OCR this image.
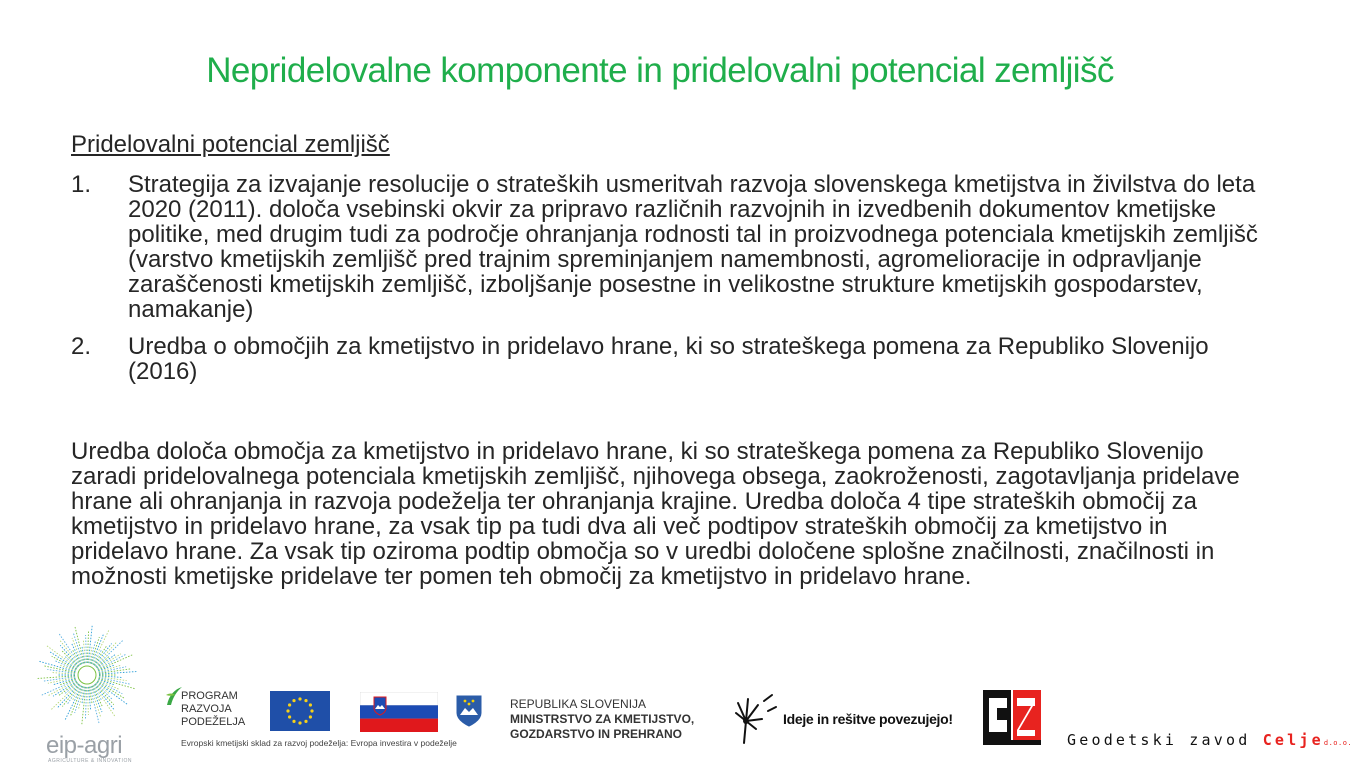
Nepridelovalne komponente in pridelovalni potencial zemljišč
Pridelovalni potencial zemljišč
1. Strategija za izvajanje resolucije o strateških usmeritvah razvoja slovenskega kmetijstva in živilstva do leta 2020 (2011). določa vsebinski okvir za pripravo različnih razvojnih in izvedbenih dokumentov kmetijske politike, med drugim tudi za področje ohranjanja rodnosti tal in proizvodnega potenciala kmetijskih zemljišč (varstvo kmetijskih zemljišč pred trajnim spreminjanjem namembnosti, agromelioracije in odpravljanje zaraščenosti kmetijskih zemljišč, izboljšanje posestne in velikostne strukture kmetijskih gospodarstev, namakanje)
2. Uredba o območjih za kmetijstvo in pridelavo hrane, ki so strateškega pomena za Republiko Slovenijo (2016)
Uredba določa območja za kmetijstvo in pridelavo hrane, ki so strateškega pomena za Republiko Slovenijo zaradi pridelovalnega potenciala kmetijskih zemljišč, njihovega obsega, zaokroženosti, zagotavljanja pridelave hrane ali ohranjanja in razvoja podeželja ter ohranjanja krajine. Uredba določa 4 tipe strateških območij za kmetijstvo in pridelavo hrane, za vsak tip pa tudi dva ali več podtipov strateških območij za kmetijstvo in pridelavo hrane. Za vsak tip oziroma podtip območja so v uredbi določene splošne značilnosti, značilnosti in možnosti kmetijske pridelave ter pomen teh območij za kmetijstvo in pridelavo hrane.
eip-agri
AGRICULTURE & INNOVATION
PROGRAM
RAZVOJA
PODEŽELJA
Evropski kmetijski sklad za razvoj podeželja: Evropa investira v podeželje
REPUBLIKA SLOVENIJA
MINISTRSTVO ZA KMETIJSTVO,
GOZDARSTVO IN PREHRANO
Ideje in rešitve povezujejo!
Geodetski zavod Celjed.o.o.
